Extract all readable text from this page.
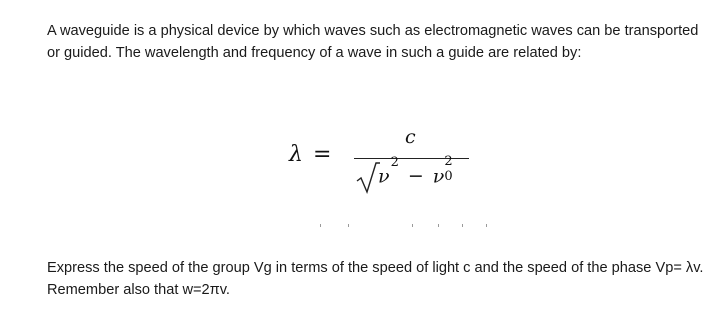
A waveguide is a physical device by which waves such as electromagnetic waves can be transported or guided. The wavelength and frequency of a wave in such a guide are related by:

λ =
c
$\nu^2- \nu$
2
0

Express the speed of the group Vg in terms of the speed of light c and the speed of the phase Vp= λv. Remember also that w=2πv.
